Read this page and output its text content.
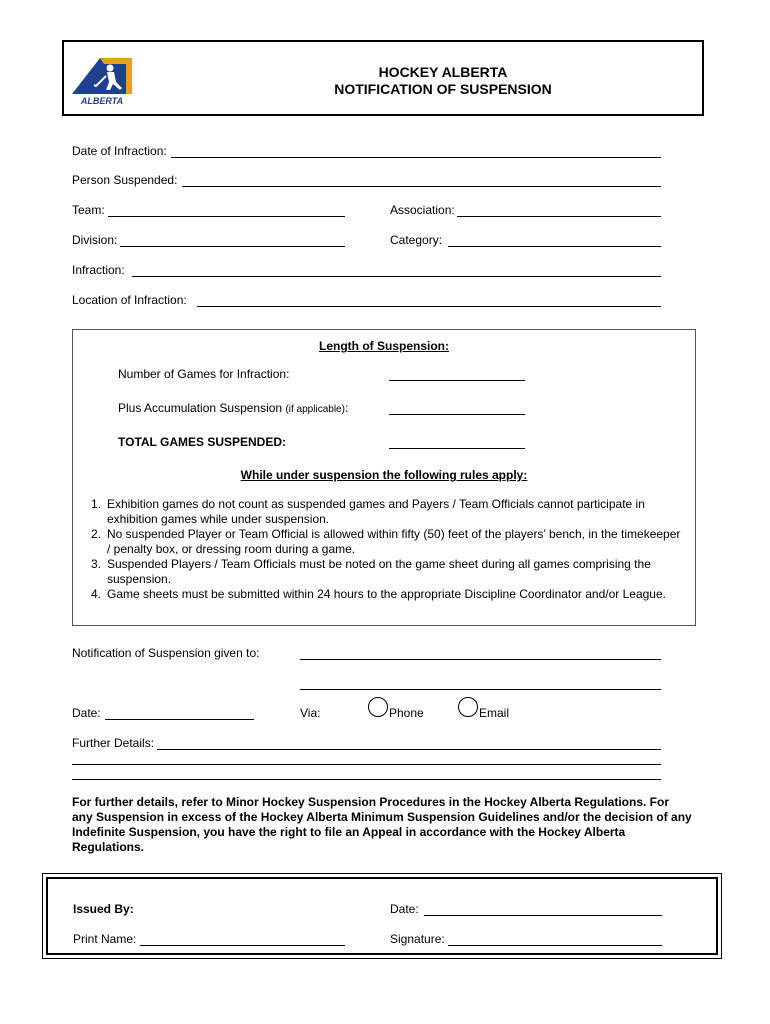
ALBERTA
HOCKEY ALBERTA
NOTIFICATION OF SUSPENSION
Date of Infraction:
Person Suspended:
Team:	Association:
Division:	Category:
Infraction:
Location of Infraction:
Length of Suspension:
Number of Games for Infraction:
Plus Accumulation Suspension (if applicable):
TOTAL GAMES SUSPENDED:
While under suspension the following rules apply:
1. Exhibition games do not count as suspended games and Payers / Team Officials cannot participate in exhibition games while under suspension.
2. No suspended Player or Team Official is allowed within fifty (50) feet of the players’ bench, in the timekeeper / penalty box, or dressing room during a game.
3. Suspended Players / Team Officials must be noted on the game sheet during all games comprising the suspension.
4. Game sheets must be submitted within 24 hours to the appropriate Discipline Coordinator and/or League.
Notification of Suspension given to:
Date:	Via:	Phone	Email
Further Details:
For further details, refer to Minor Hockey Suspension Procedures in the Hockey Alberta Regulations. For any Suspension in excess of the Hockey Alberta Minimum Suspension Guidelines and/or the decision of any Indefinite Suspension, you have the right to file an Appeal in accordance with the Hockey Alberta Regulations.
Issued By:	Date:
Print Name:	Signature:
